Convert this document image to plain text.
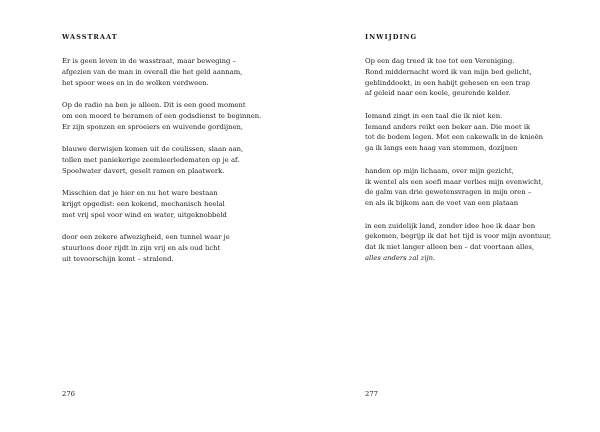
WASSTRAAT
Er is geen leven in de wasstraat, maar beweging –
afgezien van de man in overall die het geld aannam,
het spoor wees en in de wolken verdween.
Op de radio na ben je alleen. Dit is een goed moment
om een moord te beramen of een godsdienst te beginnen.
Er zijn sponzen en sproeiers en wuivende gordijnen,
blauwe derwisjen komen uit de coulissen, slaan aan,
tollen met paniekerige zeemleerledematen op je af.
Spoelwater davert, geselt ramen en plaatwerk.
Misschien dat je hier en nu het ware bestaan
krijgt opgedist: een kokend, mechanisch heelal
met vrij spel voor wind en water, uitgeknobbeld
door een zekere afwezigheid, een tunnel waar je
stuurloos door rijdt in zijn vrij en als oud licht
uit tevoorschijn komt – stralend.
276
INWIJDING
Op een dag treed ik toe tot een Vereniging.
Rond middernacht word ik van mijn bed gelicht,
geblinddoekt, in een habijt gehesen en een trap
af geleid naar een koele, geurende kelder.
Iemand zingt in een taal die ik niet ken.
Iemand anders reikt een beker aan. Die moet ik
tot de bodem legen. Met een cakewalk in de knieën
ga ik langs een haag van stemmen, dozijnen
handen op mijn lichaam, over mijn gezicht,
ik wentel als een soefi maar verlies mijn evenwicht,
de galm van drie gewetensvragen in mijn oren –
en als ik bijkom aan de voet van een plataan
in een zuidelijk land, zonder idee hoe ik daar ben
gekomen, begrijp ik dat het tijd is voor mijn avontuur,
dat ik niet langer alleen ben – dat voortaan alles,
alles anders zal zijn.
277
